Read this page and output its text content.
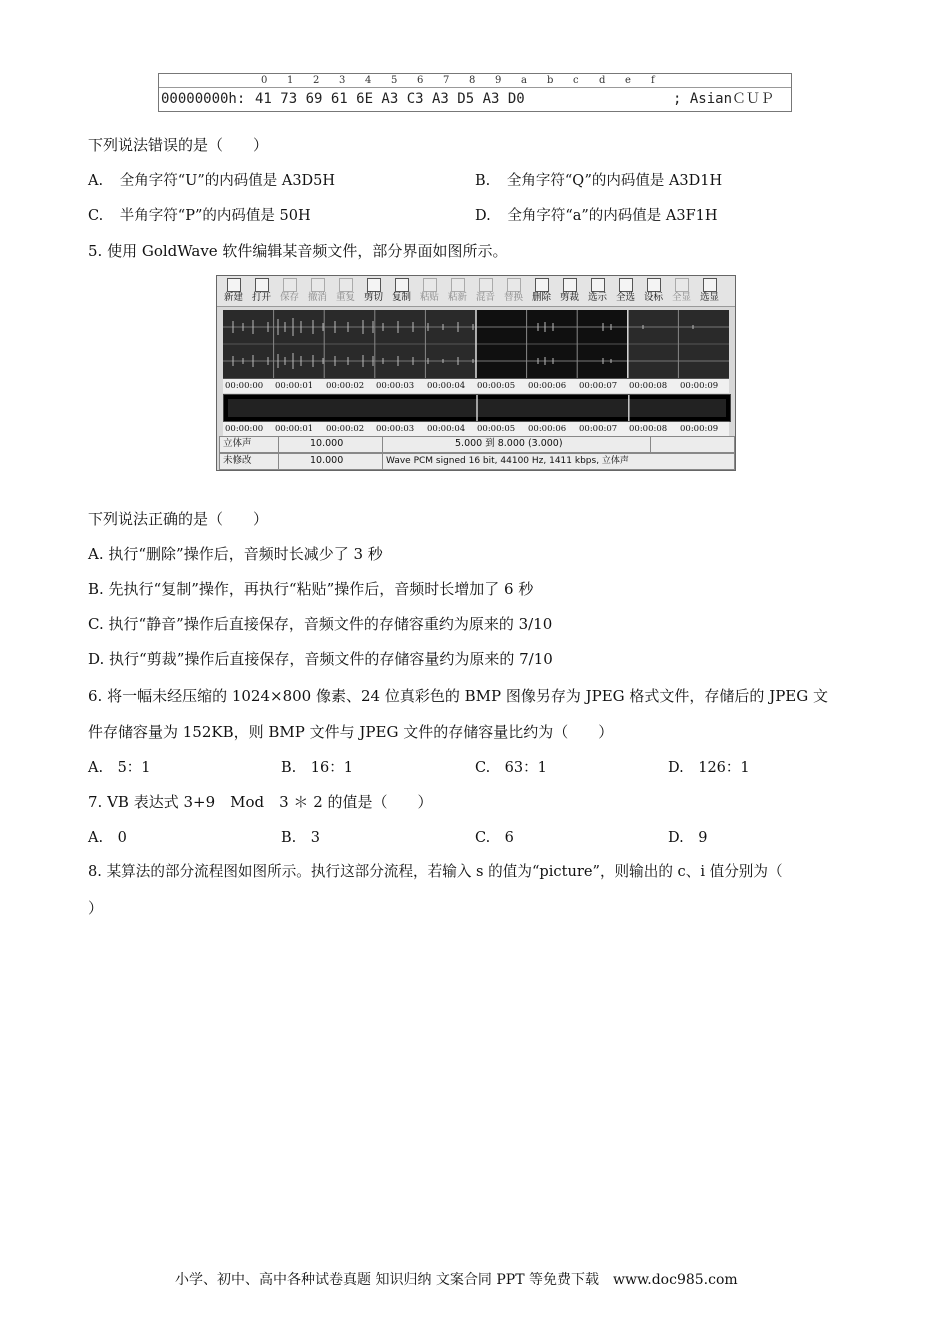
0 1 2 3 4 5 6 7 8 9 a b c d e f
00000000h: 41 73 69 61 6E A3 C3 A3 D5 A3 D0	; AsianＣＵＰ
下列说法错误的是（　　）
A. 全角字符“U”的内码值是 A3D5H	B. 全角字符“Q”的内码值是 A3D1H
C. 半角字符“P”的内码值是 50H	D. 全角字符“a”的内码值是 A3F1H
5. 使用 GoldWave 软件编辑某音频文件，部分界面如图所示。
新建 打开 保存 撤消 重复 剪切 复制 粘贴 粘新 混音 替换 删除 剪裁 选示 全选 设标 全显 选显
00:00:00 00:00:01 00:00:02 00:00:03 00:00:04 00:00:05 00:00:06 00:00:07 00:00:08 00:00:09
00:00:00 00:00:01 00:00:02 00:00:03 00:00:04 00:00:05 00:00:06 00:00:07 00:00:08 00:00:09
立体声	10.000	5.000 到 8.000 (3.000)
未修改	10.000	Wave PCM signed 16 bit, 44100 Hz, 1411 kbps, 立体声
下列说法正确的是（　　）
A. 执行“删除”操作后，音频时长减少了 3 秒
B. 先执行“复制”操作，再执行“粘贴”操作后，音频时长增加了 6 秒
C. 执行“静音”操作后直接保存，音频文件的存储容重约为原来的 3/10
D. 执行“剪裁”操作后直接保存，音频文件的存储容量约为原来的 7/10
6. 将一幅未经压缩的 1024×800 像素、24 位真彩色的 BMP 图像另存为 JPEG 格式文件，存储后的 JPEG 文
件存储容量为 152KB，则 BMP 文件与 JPEG 文件的存储容量比约为（　　）
A.　5：1	B.　16：1	C.　63：1	D.　126：1
7. VB 表达式 3+9　Mod　3 ＊ 2 的值是（　　）
A.　0	B.　3	C.　6	D.　9
8. 某算法的部分流程图如图所示。执行这部分流程，若输入 s 的值为“picture”，则输出的 c、i 值分别为（
）
小学、初中、高中各种试卷真题 知识归纳 文案合同 PPT 等免费下载　www.doc985.com
